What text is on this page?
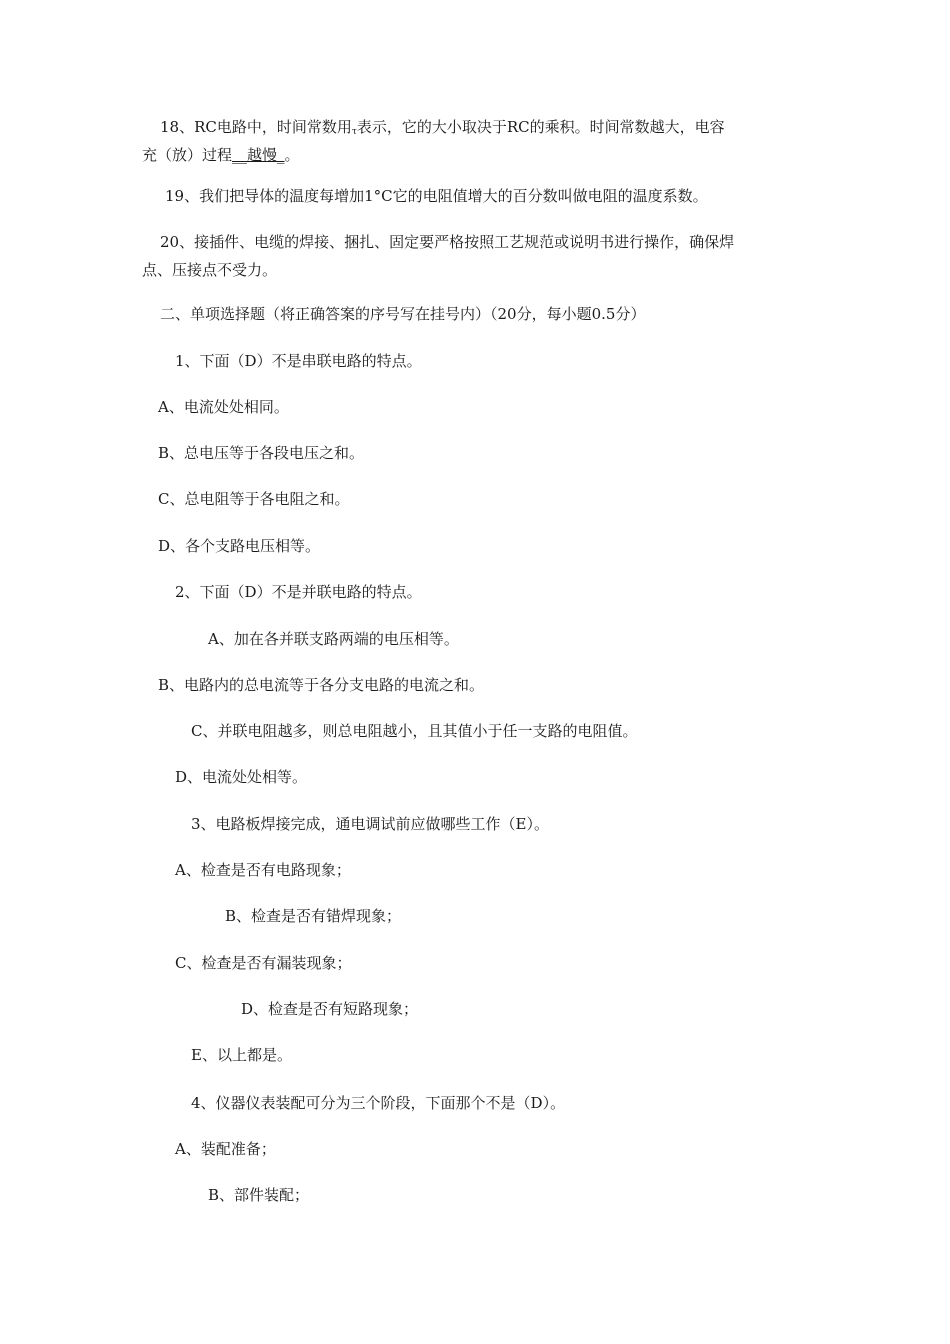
18、RC电路中，时间常数用τ表示，它的大小取决于RC的乘积。时间常数越大，电容
充（放）过程__越慢_。
19、我们把导体的温度每增加1°C它的电阻值增大的百分数叫做电阻的温度系数。
20、接插件、电缆的焊接、捆扎、固定要严格按照工艺规范或说明书进行操作，确保焊
点、压接点不受力。
二、单项选择题（将正确答案的序号写在挂号内）（20分，每小题0.5分）
1、下面（D）不是串联电路的特点。
A、电流处处相同。
B、总电压等于各段电压之和。
C、总电阻等于各电阻之和。
D、各个支路电压相等。
2、下面（D）不是并联电路的特点。
A、加在各并联支路两端的电压相等。
B、电路内的总电流等于各分支电路的电流之和。
C、并联电阻越多，则总电阻越小，且其值小于任一支路的电阻值。
D、电流处处相等。
3、电路板焊接完成，通电调试前应做哪些工作（E）。
A、检查是否有电路现象；
B、检查是否有错焊现象；
C、检查是否有漏装现象；
D、检查是否有短路现象；
E、以上都是。
4、仪器仪表装配可分为三个阶段，下面那个不是（D）。
A、装配准备；
B、部件装配；
